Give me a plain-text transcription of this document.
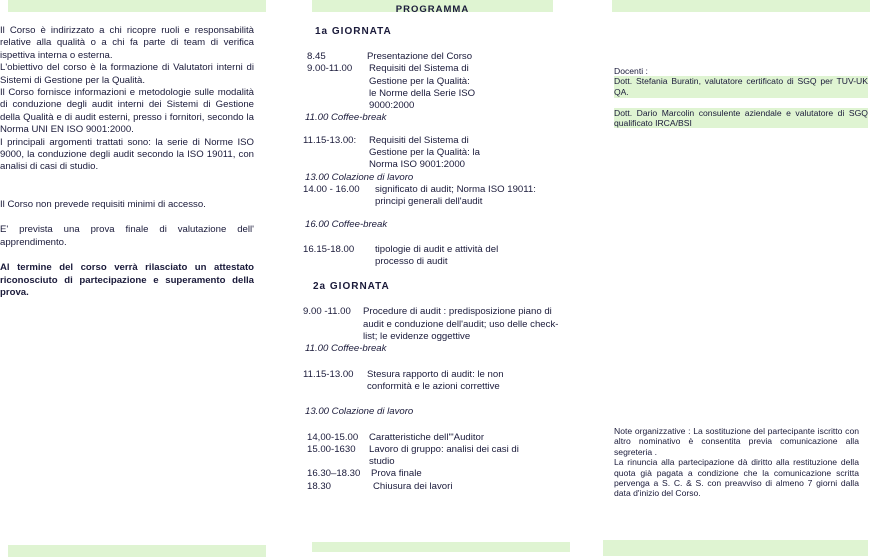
PROGRAMMA
Il Corso è indirizzato a chi ricopre ruoli e responsabilità relative alla qualità o a chi fa parte di team di verifica ispettiva interna o esterna.
L'obiettivo del corso è la formazione di Valutatori interni di Sistemi di Gestione per la Qualità.
Il Corso fornisce informazioni e metodologie sulle modalità di conduzione degli audit interni dei Sistemi di Gestione della Qualità e di audit esterni, presso i fornitori, secondo la Norma UNI EN ISO 9001:2000.
I principali argomenti trattati sono: la serie di Norme ISO 9000, la conduzione degli audit secondo la ISO 19011, con analisi di casi di studio.
Il Corso non prevede requisiti minimi di accesso.
E' prevista una prova finale di valutazione dell' apprendimento.
Al termine del corso verrà rilasciato un attestato riconosciuto di partecipazione e superamento della prova.
1a GIORNATA
8.45	Presentazione del Corso
9.00-11.00	Requisiti del Sistema di Gestione per la Qualità: le Norme della Serie ISO 9000:2000
11.00 Coffee-break
11.15-13.00:	Requisiti del Sistema di Gestione per la Qualità: la Norma ISO 9001:2000
13.00 Colazione di lavoro
14.00 - 16.00	significato di audit; Norma ISO 19011: principi generali dell'audit
16.00 Coffee-break
16.15-18.00	tipologie di audit e attività del processo di audit
2a GIORNATA
9.00 -11.00	Procedure di audit : predisposizione piano di audit e conduzione dell'audit; uso delle check-list; le evidenze oggettive
11.00 Coffee-break
11.15-13.00	Stesura rapporto di audit: le non conformità e le azioni correttive
13.00 Colazione di lavoro
14,00-15.00	Caratteristiche dell'"Auditor
15.00-1630	Lavoro di gruppo: analisi dei casi di studio
16.30–18.30	Prova finale
18.30	Chiusura dei lavori
Docenti :
Dott. Stefania Buratin, valutatore certificato di SGQ per TUV-UK QA.
Dott. Dario Marcolin consulente aziendale e valutatore di SGQ qualificato IRCA/BSI
Note organizzative : La sostituzione del partecipante iscritto con altro nominativo è consentita previa comunicazione alla segreteria .
La rinuncia alla partecipazione dà diritto alla restituzione della quota già pagata a condizione che la comunicazione scritta pervenga a S. C. & S. con preavviso di almeno 7 giorni dalla data d'inizio del Corso.
